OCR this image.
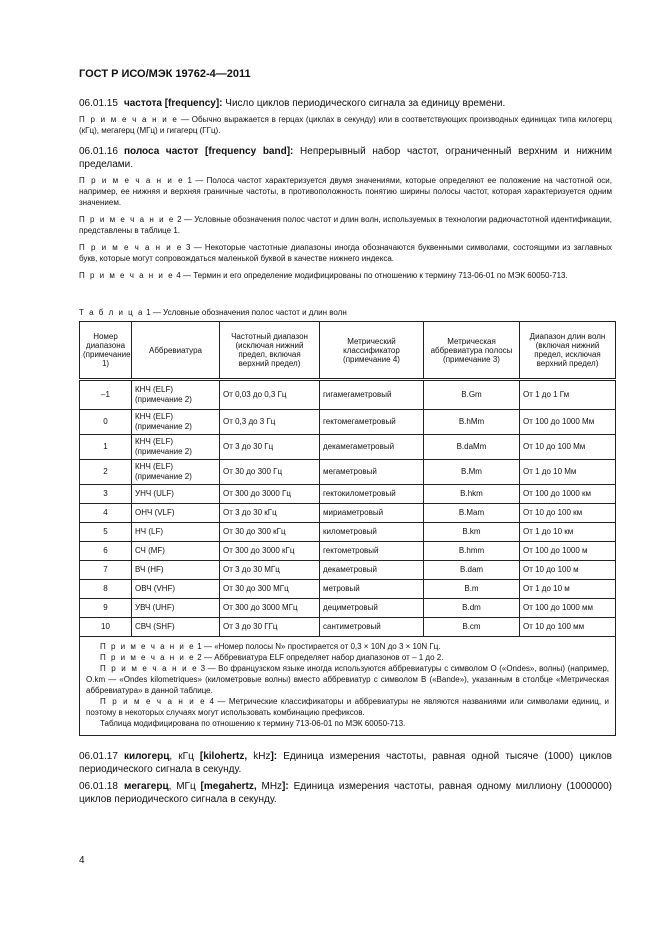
ГОСТ Р ИСО/МЭК 19762-4—2011

06.01.15 частота [frequency]: Число циклов периодического сигнала за единицу времени.

П р и м е ч а н и е — Обычно выражается в герцах (циклах в секунду) или в соответствующих производных единицах типа килогерц (кГц), мегагерц (МГц) и гигагерц (ГГц).

06.01.16 полоса частот [frequency band]: Непрерывный набор частот, ограниченный верхним и нижним пределами.

П р и м е ч а н и е 1 — Полоса частот характеризуется двумя значениями, которые определяют ее положение на частотной оси, например, ее нижняя и верхняя граничные частоты, в противоположность понятию ширины полосы частот, которая характеризуется одним значением.

П р и м е ч а н и е 2 — Условные обозначения полос частот и длин волн, используемых в технологии радиочастотной идентификации, представлены в таблице 1.

П р и м е ч а н и е 3 — Некоторые частотные диапазоны иногда обозначаются буквенными символами, состоящими из заглавных букв, которые могут сопровождаться маленькой буквой в качестве нижнего индекса.

П р и м е ч а н и е 4 — Термин и его определение модифицированы по отношению к термину 713-06-01 по МЭК 60050-713.

Т а б л и ц а 1 — Условные обозначения полос частот и длин волн
Номер диапазона (примечание 1)	Аббревиатура	Частотный диапазон (исключая нижний предел, включая верхний предел)	Метрический классификатор (примечание 4)	Метрическая аббревиатура полосы (примечание 3)	Диапазон длин волн (включая нижний предел, исключая верхний предел)
–1	КНЧ (ELF) (примечание 2)	От 0,03 до 0,3 Гц	гигамегаметровый	B.Gm	От 1 до 1 Гм
0	КНЧ (ELF) (примечание 2)	От 0,3 до 3 Гц	гектомегаметровый	B.hMm	От 100 до 1000 Мм
1	КНЧ (ELF) (примечание 2)	От 3 до 30 Гц	декамегаметровый	B.daMm	От 10 до 100 Мм
2	КНЧ (ELF) (примечание 2)	От 30 до 300 Гц	мегаметровый	B.Mm	От 1 до 10 Мм
3	УНЧ (ULF)	От 300 до 3000 Гц	гектокилометровый	B.hkm	От 100 до 1000 км
4	ОНЧ (VLF)	От 3 до 30 кГц	мириаметровый	B.Mam	От 10 до 100 км
5	НЧ (LF)	От 30 до 300 кГц	километровый	B.km	От 1 до 10 км
6	СЧ (MF)	От 300 до 3000 кГц	гектометровый	B.hmm	От 100 до 1000 м
7	ВЧ (HF)	От 3 до 30 МГц	декаметровый	B.dam	От 10 до 100 м
8	ОВЧ (VHF)	От 30 до 300 МГц	метровый	B.m	От 1 до 10 м
9	УВЧ (UHF)	От 300 до 3000 МГц	дециметровый	B.dm	От 100 до 1000 мм
10	СВЧ (SHF)	От 3 до 30 ГГц	сантиметровый	B.cm	От 10 до 100 мм

П р и м е ч а н и е 1 — «Номер полосы N» простирается от 0,3 × 10N до 3 × 10N Гц.

П р и м е ч а н и е 2 — Аббревиатура ELF определяет набор диапазонов от – 1 до 2.

П р и м е ч а н и е 3 — Во французском языке иногда используются аббревиатуры с символом O («Ondes», волны) (например, O.km — «Ondes kilometriques» (километровые волны) вместо аббревиатур с символом B («Bande»), указанным в столбце «Метрическая аббревиатура» в данной таблице.

П р и м е ч а н и е 4 — Метрические классификаторы и аббревиатуры не являются названиями или символами единиц, и поэтому в некоторых случаях могут использовать комбинацию префиксов.

Таблица модифицирована по отношению к термину 713-06-01 по МЭК 60050-713.					

06.01.17 килогерц, кГц [kilohertz, kHz]: Единица измерения частоты, равная одной тысяче (1000) циклов периодического сигнала в секунду.

06.01.18 мегагерц, МГц [megahertz, MHz]: Единица измерения частоты, равная одному миллиону (1000000) циклов периодического сигнала в секунду.

4
